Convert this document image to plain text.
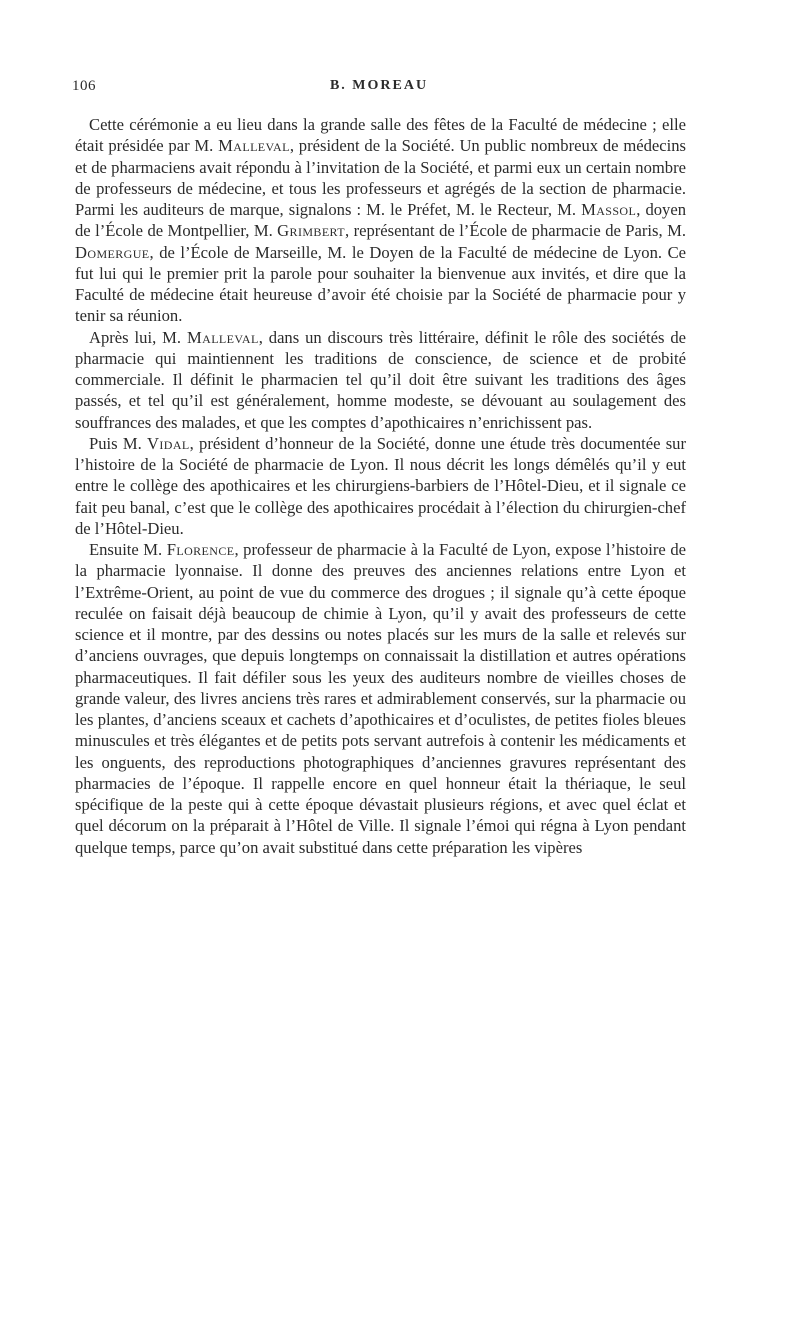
106	B. MOREAU

Cette cérémonie a eu lieu dans la grande salle des fêtes de la Faculté de médecine ; elle était présidée par M. Malleval, président de la Société. Un public nombreux de médecins et de pharmaciens avait répondu à l’invitation de la Société, et parmi eux un certain nombre de professeurs de médecine, et tous les professeurs et agrégés de la section de pharmacie. Parmi les auditeurs de marque, signalons : M. le Préfet, M. le Recteur, M. Massol, doyen de l’École de Montpellier, M. Grimbert, représentant de l’École de pharmacie de Paris, M. Domergue, de l’École de Marseille, M. le Doyen de la Faculté de médecine de Lyon. Ce fut lui qui le premier prit la parole pour souhaiter la bienvenue aux invités, et dire que la Faculté de médecine était heureuse d’avoir été choisie par la Société de pharmacie pour y tenir sa réunion.

Après lui, M. Malleval, dans un discours très littéraire, définit le rôle des sociétés de pharmacie qui maintiennent les traditions de conscience, de science et de probité commerciale. Il définit le pharmacien tel qu’il doit être suivant les traditions des âges passés, et tel qu’il est généralement, homme modeste, se dévouant au soulagement des souffrances des malades, et que les comptes d’apothicaires n’enrichissent pas.

Puis M. Vidal, président d’honneur de la Société, donne une étude très documentée sur l’histoire de la Société de pharmacie de Lyon. Il nous décrit les longs démêlés qu’il y eut entre le collège des apothicaires et les chirurgiens-barbiers de l’Hôtel-Dieu, et il signale ce fait peu banal, c’est que le collège des apothicaires procédait à l’élection du chirurgien-chef de l’Hôtel-Dieu.

Ensuite M. Florence, professeur de pharmacie à la Faculté de Lyon, expose l’histoire de la pharmacie lyonnaise. Il donne des preuves des anciennes relations entre Lyon et l’Extrême-Orient, au point de vue du commerce des drogues ; il signale qu’à cette époque reculée on faisait déjà beaucoup de chimie à Lyon, qu’il y avait des professeurs de cette science et il montre, par des dessins ou notes placés sur les murs de la salle et relevés sur d’anciens ouvrages, que depuis longtemps on connaissait la distillation et autres opérations pharmaceutiques. Il fait défiler sous les yeux des auditeurs nombre de vieilles choses de grande valeur, des livres anciens très rares et admirablement conservés, sur la pharmacie ou les plantes, d’anciens sceaux et cachets d’apothicaires et d’oculistes, de petites fioles bleues minuscules et très élégantes et de petits pots servant autrefois à contenir les médicaments et les onguents, des reproductions photographiques d’anciennes gravures représentant des pharmacies de l’époque. Il rappelle encore en quel honneur était la thériaque, le seul spécifique de la peste qui à cette époque dévastait plusieurs régions, et avec quel éclat et quel décorum on la préparait à l’Hôtel de Ville. Il signale l’émoi qui régna à Lyon pendant quelque temps, parce qu’on avait substitué dans cette préparation les vipères
